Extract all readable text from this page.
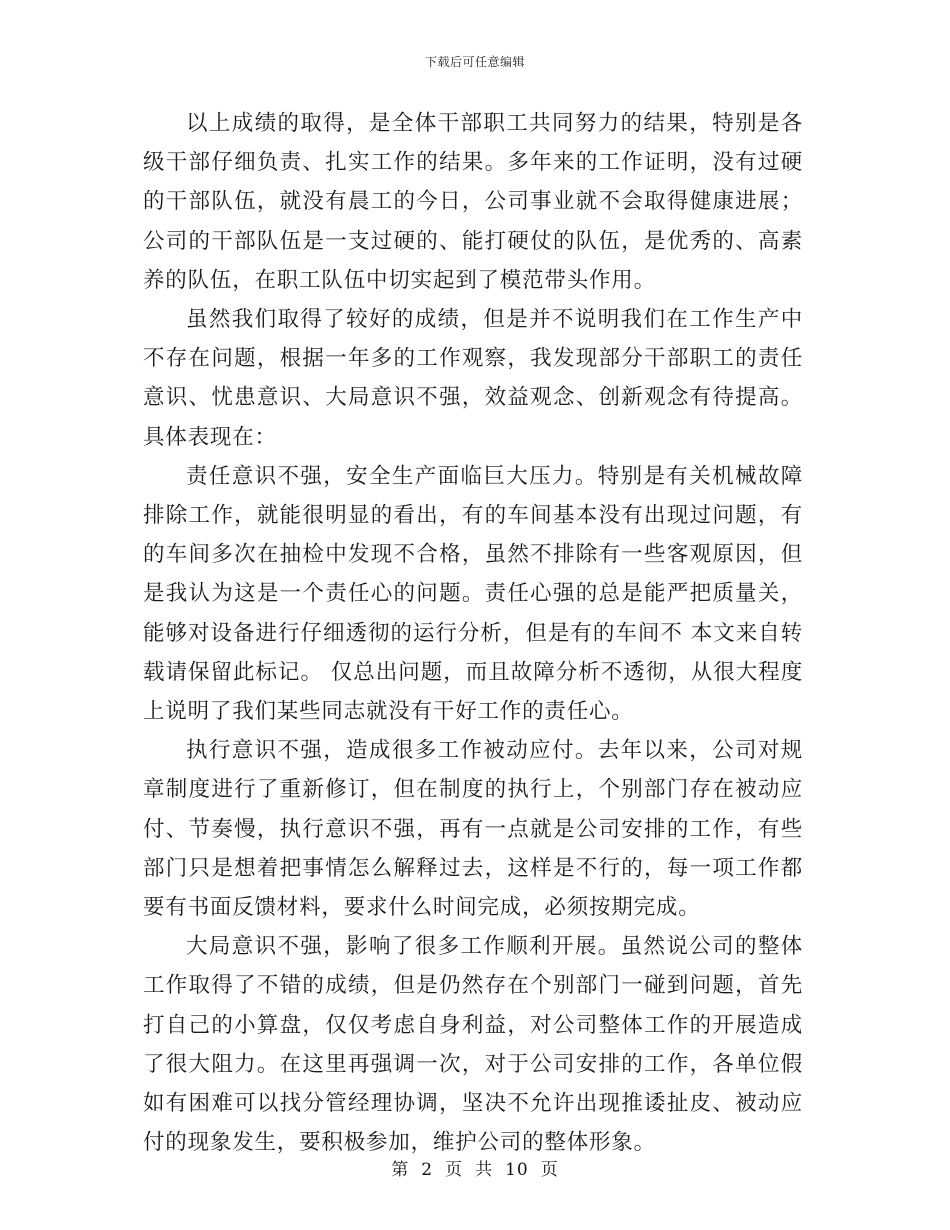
下载后可任意编辑

以上成绩的取得，是全体干部职工共同努力的结果，特别是各级干部仔细负责、扎实工作的结果。多年来的工作证明，没有过硬的干部队伍，就没有晨工的今日，公司事业就不会取得健康进展；公司的干部队伍是一支过硬的、能打硬仗的队伍，是优秀的、高素养的队伍，在职工队伍中切实起到了模范带头作用。

虽然我们取得了较好的成绩，但是并不说明我们在工作生产中不存在问题，根据一年多的工作观察，我发现部分干部职工的责任意识、忧患意识、大局意识不强，效益观念、创新观念有待提高。具体表现在：

责任意识不强，安全生产面临巨大压力。特别是有关机械故障排除工作，就能很明显的看出，有的车间基本没有出现过问题，有的车间多次在抽检中发现不合格，虽然不排除有一些客观原因，但是我认为这是一个责任心的问题。责任心强的总是能严把质量关，能够对设备进行仔细透彻的运行分析，但是有的车间不 本文来自转载请保留此标记。 仅总出问题，而且故障分析不透彻，从很大程度上说明了我们某些同志就没有干好工作的责任心。

执行意识不强，造成很多工作被动应付。去年以来，公司对规章制度进行了重新修订，但在制度的执行上，个别部门存在被动应付、节奏慢，执行意识不强，再有一点就是公司安排的工作，有些部门只是想着把事情怎么解释过去，这样是不行的，每一项工作都要有书面反馈材料，要求什么时间完成，必须按期完成。

大局意识不强，影响了很多工作顺利开展。虽然说公司的整体工作取得了不错的成绩，但是仍然存在个别部门一碰到问题，首先打自己的小算盘，仅仅考虑自身利益，对公司整体工作的开展造成了很大阻力。在这里再强调一次，对于公司安排的工作，各单位假如有困难可以找分管经理协调，坚决不允许出现推诿扯皮、被动应付的现象发生，要积极参加，维护公司的整体形象。

第 2 页 共 10 页
